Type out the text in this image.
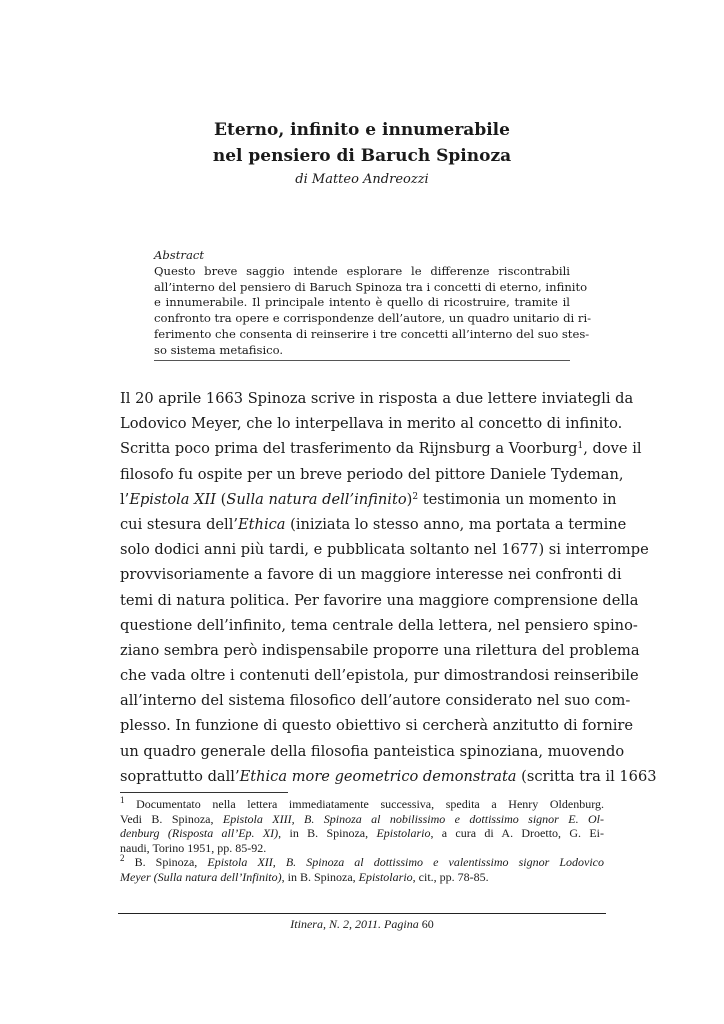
Eterno, infinito e innumerabile
nel pensiero di Baruch Spinoza
di Matteo Andreozzi
Abstract
Questo breve saggio intende esplorare le differenze riscontrabili
all’interno del pensiero di Baruch Spinoza tra i concetti di eterno, infinito
e innumerabile. Il principale intento è quello di ricostruire, tramite il
confronto tra opere e corrispondenze dell’autore, un quadro unitario di ri-
ferimento che consenta di reinserire i tre concetti all’interno del suo stes-
so sistema metafisico.
Il 20 aprile 1663 Spinoza scrive in risposta a due lettere inviategli da
Lodovico Meyer, che lo interpellava in merito al concetto di infinito.
Scritta poco prima del trasferimento da Rijnsburg a Voorburg$^1$, dove il
filosofo fu ospite per un breve periodo del pittore Daniele Tydeman,
l’Epistola XII (Sulla natura dell’infinito)$^2$ testimonia un momento in
cui stesura dell’Ethica (iniziata lo stesso anno, ma portata a termine
solo dodici anni più tardi, e pubblicata soltanto nel 1677) si interrompe
provvisoriamente a favore di un maggiore interesse nei confronti di
temi di natura politica. Per favorire una maggiore comprensione della
questione dell’infinito, tema centrale della lettera, nel pensiero spino-
ziano sembra però indispensabile proporre una rilettura del problema
che vada oltre i contenuti dell’epistola, pur dimostrandosi reinseribile
all’interno del sistema filosofico dell’autore considerato nel suo com-
plesso. In funzione di questo obiettivo si cercherà anzitutto di fornire
un quadro generale della filosofia panteistica spinoziana, muovendo
soprattutto dall’Ethica more geometrico demonstrata (scritta tra il 1663
$^1$ Documentato nella lettera immediatamente successiva, spedita a Henry Oldenburg.
Vedi B. Spinoza, Epistola XIII, B. Spinoza al nobilissimo e dottissimo signor E. Ol-
denburg (Risposta all’Ep. XI), in B. Spinoza, Epistolario, a cura di A. Droetto, G. Ei-
naudi, Torino 1951, pp. 85-92.
$^2$ B. Spinoza, Epistola XII, B. Spinoza al dottissimo e valentissimo signor Lodovico
Meyer (Sulla natura dell’Infinito), in B. Spinoza, Epistolario, cit., pp. 78-85.
Itinera, N. 2, 2011. Pagina 60
